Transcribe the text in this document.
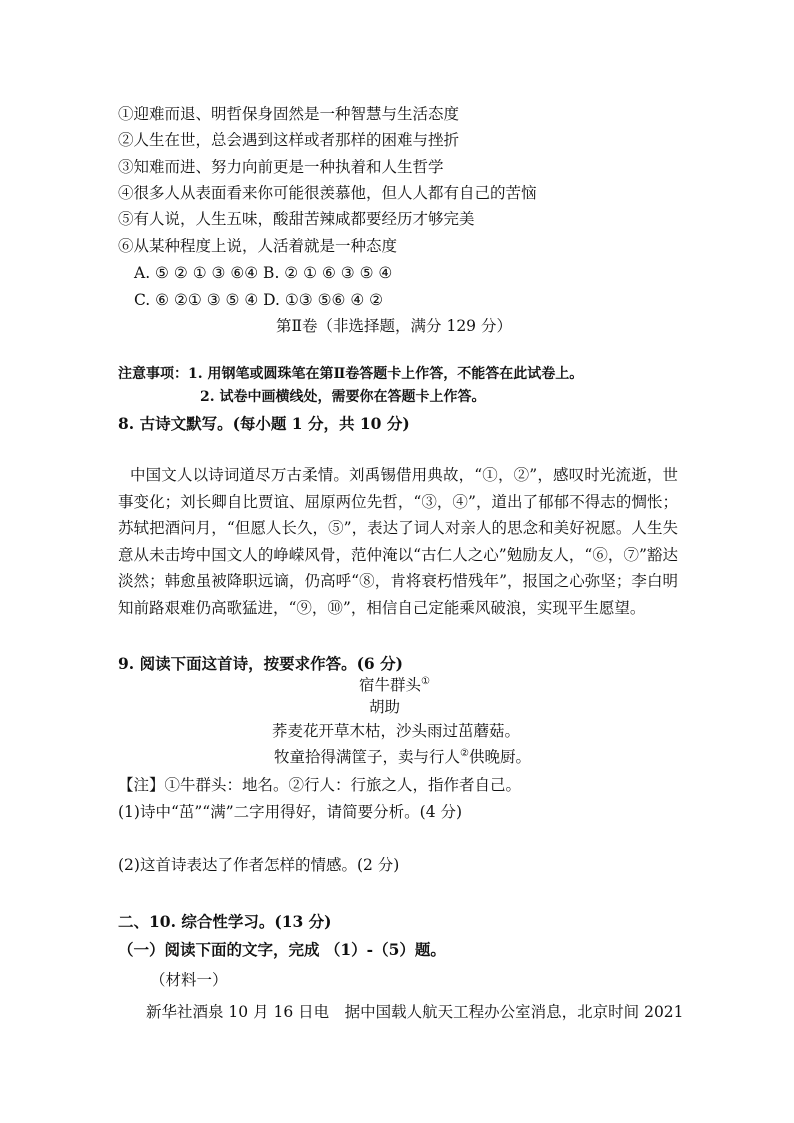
①迎难而退、明哲保身固然是一种智慧与生活态度
②人生在世，总会遇到这样或者那样的困难与挫折
③知难而进、努力向前更是一种执着和人生哲学
④很多人从表面看来你可能很羡慕他，但人人都有自己的苦恼
⑤有人说，人生五味，酸甜苦辣咸都要经历才够完美
⑥从某种程度上说，人活着就是一种态度
A. ⑤ ② ① ③ ⑥④ B. ② ① ⑥ ③ ⑤ ④
C. ⑥ ②① ③ ⑤ ④ D. ①③ ⑤⑥ ④ ②
第Ⅱ卷（非选择题，满分 129 分）
注意事项：1. 用钢笔或圆珠笔在第Ⅱ卷答题卡上作答，不能答在此试卷上。
2. 试卷中画横线处，需要你在答题卡上作答。
8. 古诗文默写。(每小题 1 分，共 10 分)
中国文人以诗词道尽万古柔情。刘禹锡借用典故，“①，②”，感叹时光流逝，世事变化；刘长卿自比贾谊、屈原两位先哲，“③，④”，道出了郁郁不得志的惆怅；苏轼把酒问月，“但愿人长久，⑤”，表达了词人对亲人的思念和美好祝愿。人生失意从未击垮中国文人的峥嵘风骨，范仲淹以“古仁人之心”勉励友人，“⑥，⑦”豁达淡然；韩愈虽被降职远谪，仍高呼“⑧，肯将衰朽惜残年”，报国之心弥坚；李白明知前路艰难仍高歌猛进，“⑨，⑩”，相信自己定能乘风破浪，实现平生愿望。
9. 阅读下面这首诗，按要求作答。(6 分)
宿牛群头①
胡助
荞麦花开草木枯，沙头雨过茁蘑菇。
牧童拾得满筐子，卖与行人②供晚厨。
【注】①牛群头：地名。②行人：行旅之人，指作者自己。
(1)诗中“茁”“满”二字用得好，请简要分析。(4 分)
(2)这首诗表达了作者怎样的情感。(2 分)
二、10. 综合性学习。(13 分)
（一）阅读下面的文字，完成 （1）-（5）题。
（材料一）
新华社酒泉 10 月 16 日电　据中国载人航天工程办公室消息，北京时间 2021
